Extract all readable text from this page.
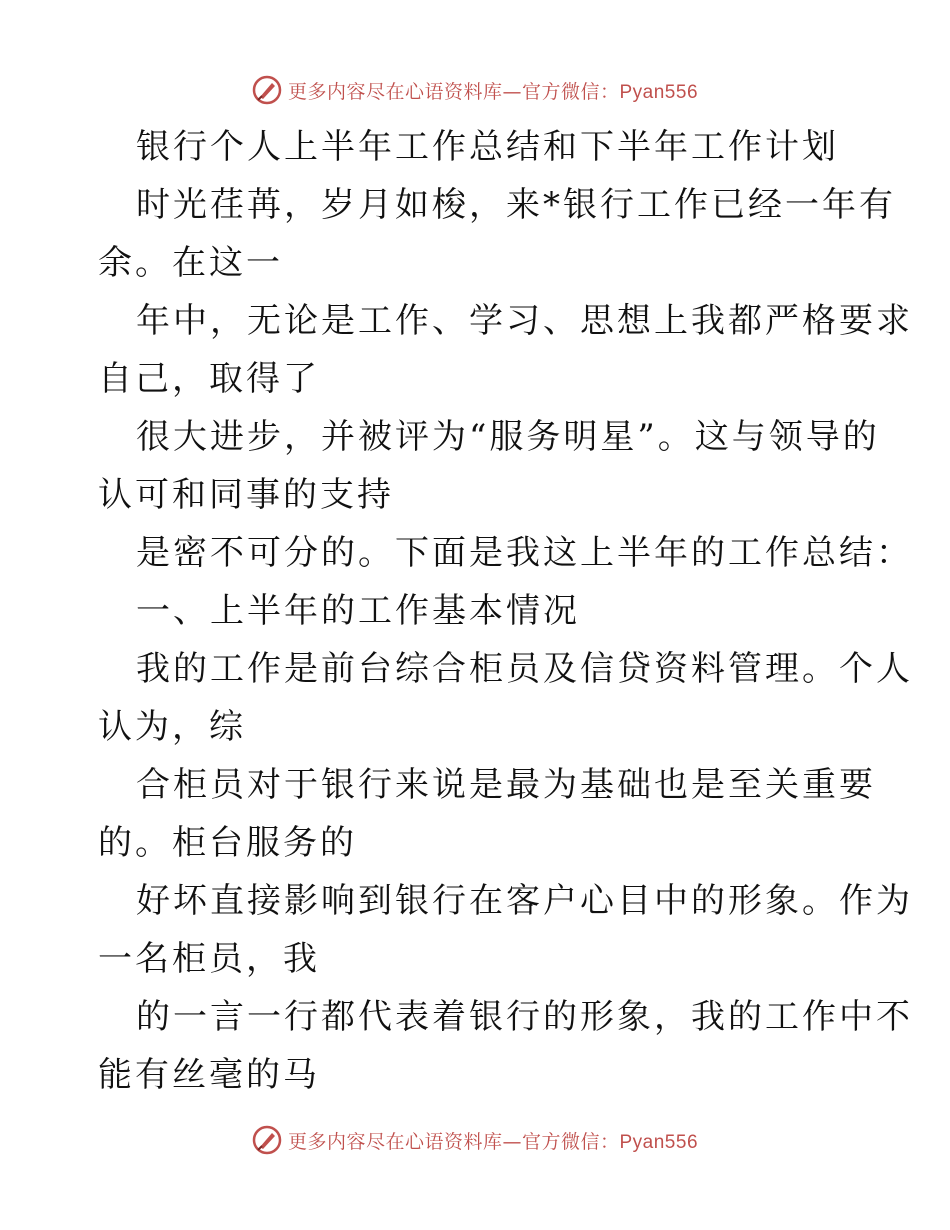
更多内容尽在心语资料库—官方微信：Pyan556
银行个人上半年工作总结和下半年工作计划
时光荏苒，岁月如梭，来*银行工作已经一年有
余。在这一
年中，无论是工作、学习、思想上我都严格要求
自己，取得了
很大进步，并被评为“服务明星”。这与领导的
认可和同事的支持
是密不可分的。下面是我这上半年的工作总结：
一、上半年的工作基本情况
我的工作是前台综合柜员及信贷资料管理。个人
认为，综
合柜员对于银行来说是最为基础也是至关重要
的。柜台服务的
好坏直接影响到银行在客户心目中的形象。作为
一名柜员，我
的一言一行都代表着银行的形象，我的工作中不
能有丝毫的马
更多内容尽在心语资料库—官方微信：Pyan556
